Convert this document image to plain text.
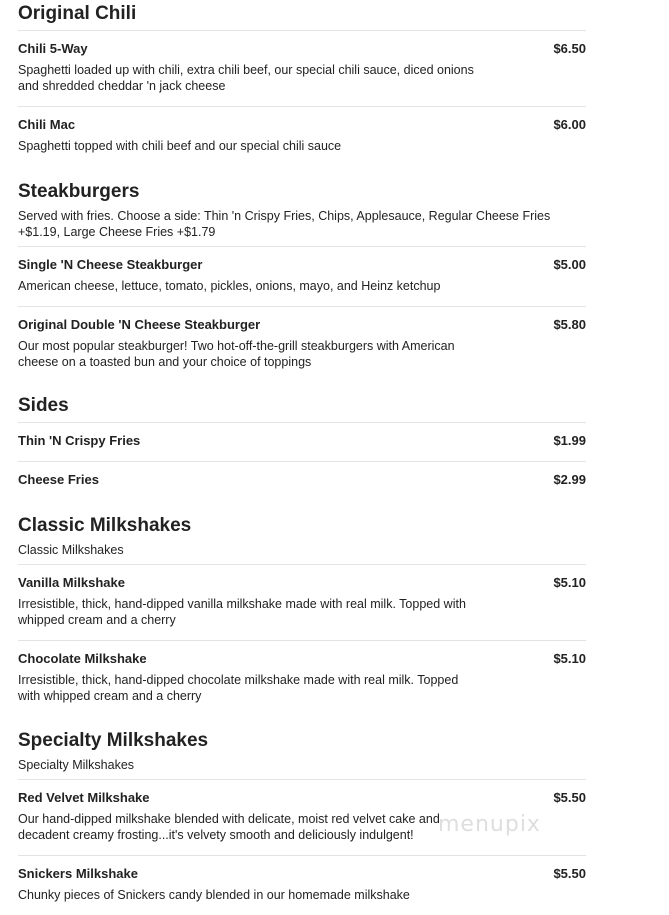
Original Chili
Chili 5-Way	$6.50
Spaghetti loaded up with chili, extra chili beef, our special chili sauce, diced onions and shredded cheddar 'n jack cheese
Chili Mac	$6.00
Spaghetti topped with chili beef and our special chili sauce
Steakburgers
Served with fries. Choose a side: Thin 'n Crispy Fries, Chips, Applesauce, Regular Cheese Fries +$1.19, Large Cheese Fries +$1.79
Single 'N Cheese Steakburger	$5.00
American cheese, lettuce, tomato, pickles, onions, mayo, and Heinz ketchup
Original Double 'N Cheese Steakburger	$5.80
Our most popular steakburger! Two hot-off-the-grill steakburgers with American cheese on a toasted bun and your choice of toppings
Sides
Thin 'N Crispy Fries	$1.99
Cheese Fries	$2.99
Classic Milkshakes
Classic Milkshakes
Vanilla Milkshake	$5.10
Irresistible, thick, hand-dipped vanilla milkshake made with real milk. Topped with whipped cream and a cherry
Chocolate Milkshake	$5.10
Irresistible, thick, hand-dipped chocolate milkshake made with real milk. Topped with whipped cream and a cherry
Specialty Milkshakes
Specialty Milkshakes
Red Velvet Milkshake	$5.50
Our hand-dipped milkshake blended with delicate, moist red velvet cake and decadent creamy frosting...it's velvety smooth and deliciously indulgent!
Snickers Milkshake	$5.50
Chunky pieces of Snickers candy blended in our homemade milkshake
menupix
